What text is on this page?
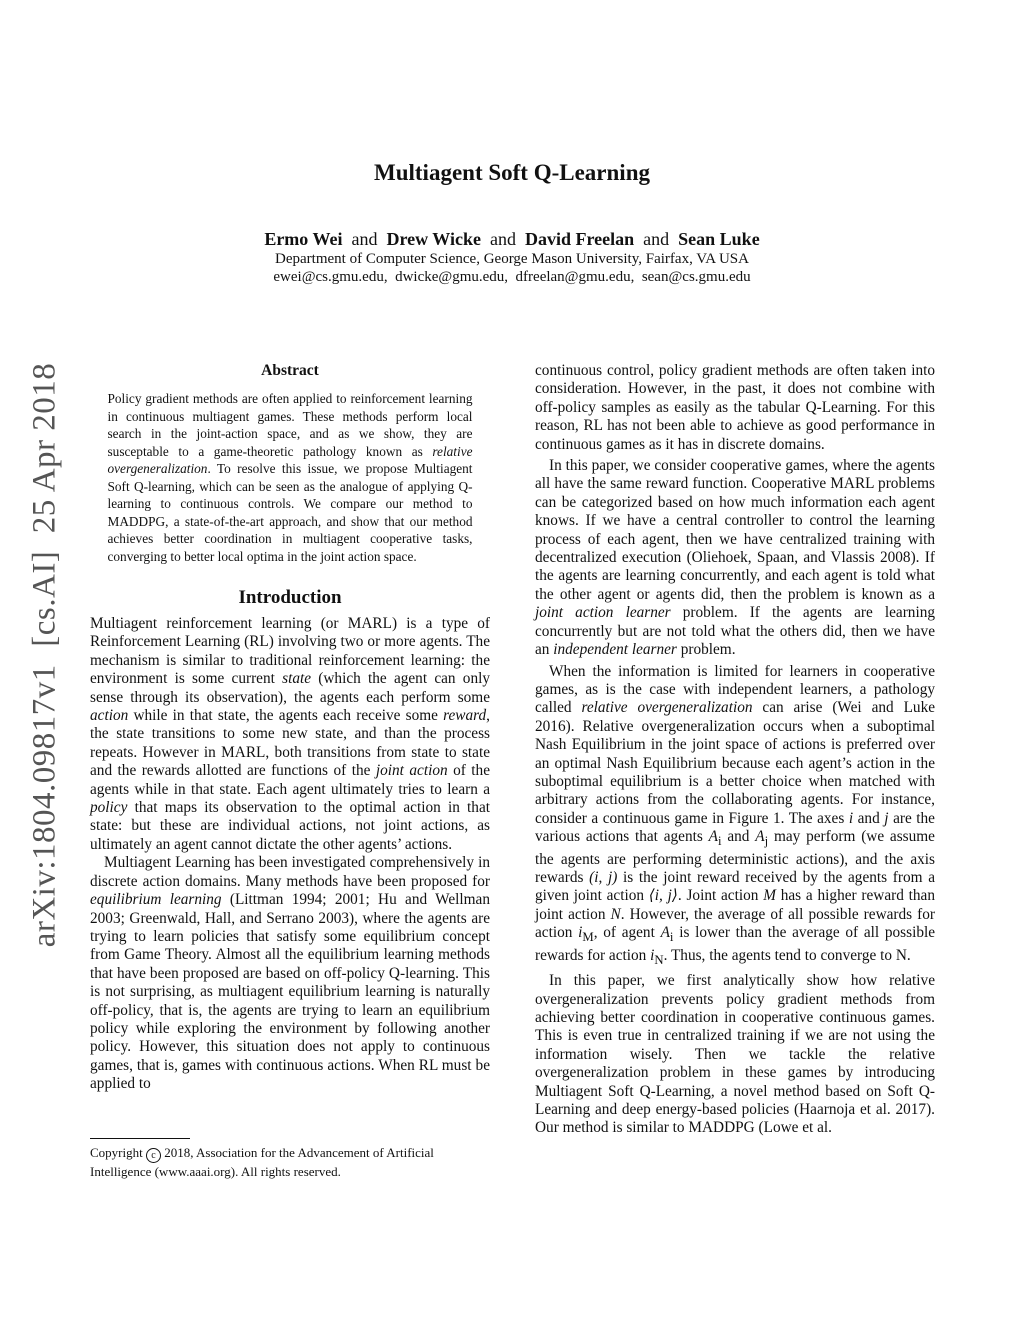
Multiagent Soft Q-Learning
Ermo Wei and Drew Wicke and David Freelan and Sean Luke
Department of Computer Science, George Mason University, Fairfax, VA USA
ewei@cs.gmu.edu,  dwicke@gmu.edu,  dfreelan@gmu.edu,  sean@cs.gmu.edu
arXiv:1804.09817v1  [cs.AI]  25 Apr 2018	Abstract
Policy gradient methods are often applied to reinforcement learning in continuous multiagent games. These methods perform local search in the joint-action space, and as we show, they are susceptable to a game-theoretic pathology known as relative overgeneralization. To resolve this issue, we propose Multiagent Soft Q-learning, which can be seen as the analogue of applying Q-learning to continuous controls. We compare our method to MADDPG, a state-of-the-art approach, and show that our method achieves better coordination in multiagent cooperative tasks, converging to better local optima in the joint action space.
Introduction

Multiagent reinforcement learning (or MARL) is a type of Reinforcement Learning (RL) involving two or more agents. The mechanism is similar to traditional reinforcement learning: the environment is some current state (which the agent can only sense through its observation), the agents each perform some action while in that state, the agents each receive some reward, the state transitions to some new state, and than the process repeats. However in MARL, both transitions from state to state and the rewards allotted are functions of the joint action of the agents while in that state. Each agent ultimately tries to learn a policy that maps its observation to the optimal action in that state: but these are individual actions, not joint actions, as ultimately an agent cannot dictate the other agents’ actions.

Multiagent Learning has been investigated comprehensively in discrete action domains. Many methods have been proposed for equilibrium learning (Littman 1994; 2001; Hu and Wellman 2003; Greenwald, Hall, and Serrano 2003), where the agents are trying to learn policies that satisfy some equilibrium concept from Game Theory. Almost all the equilibrium learning methods that have been proposed are based on off-policy Q-learning. This is not surprising, as multiagent equilibrium learning is naturally off-policy, that is, the agents are trying to learn an equilibrium policy while exploring the environment by following another policy. However, this situation does not apply to continuous games, that is, games with continuous actions. When RL must be applied to

Copyright c 2018, Association for the Advancement of Artificial Intelligence (www.aaai.org). All rights reserved.

continuous control, policy gradient methods are often taken into consideration. However, in the past, it does not combine with off-policy samples as easily as the tabular Q-Learning. For this reason, RL has not been able to achieve as good performance in continuous games as it has in discrete domains.

In this paper, we consider cooperative games, where the agents all have the same reward function. Cooperative MARL problems can be categorized based on how much information each agent knows. If we have a central controller to control the learning process of each agent, then we have centralized training with decentralized execution (Oliehoek, Spaan, and Vlassis 2008). If the agents are learning concurrently, and each agent is told what the other agent or agents did, then the problem is known as a joint action learner problem. If the agents are learning concurrently but are not told what the others did, then we have an independent learner problem.

When the information is limited for learners in cooperative games, as is the case with independent learners, a pathology called relative overgeneralization can arise (Wei and Luke 2016). Relative overgeneralization occurs when a suboptimal Nash Equilibrium in the joint space of actions is preferred over an optimal Nash Equilibrium because each agent’s action in the suboptimal equilibrium is a better choice when matched with arbitrary actions from the collaborating agents. For instance, consider a continuous game in Figure 1. The axes i and j are the various actions that agents $A_i$ and $A_j$ may perform (we assume the agents are performing deterministic actions), and the axis rewards (i, j) is the joint reward received by the agents from a given joint action ⟨i, j⟩. Joint action M has a higher reward than joint action N. However, the average of all possible rewards for action $i_M$, of agent $A_i$ is lower than the average of all possible rewards for action $i_N$. Thus, the agents tend to converge to N.

In this paper, we first analytically show how relative overgeneralization prevents policy gradient methods from achieving better coordination in cooperative continuous games. This is even true in centralized training if we are not using the information wisely. Then we tackle the relative overgeneralization problem in these games by introducing Multiagent Soft Q-Learning, a novel method based on Soft Q-Learning and deep energy-based policies (Haarnoja et al. 2017). Our method is similar to MADDPG (Lowe et al.
